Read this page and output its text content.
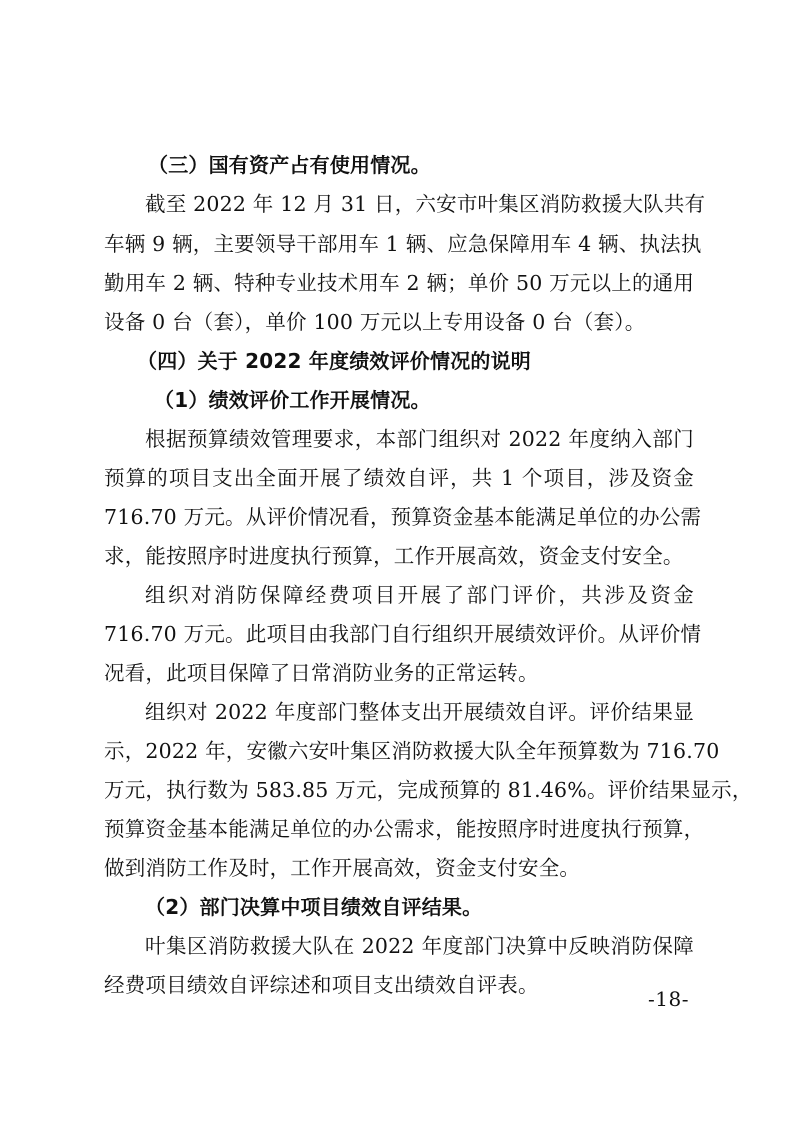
（三）国有资产占有使用情况。
截至 2022 年 12 月 31 日，六安市叶集区消防救援大队共有
车辆 9 辆，主要领导干部用车 1 辆、应急保障用车 4 辆、执法执
勤用车 2 辆、特种专业技术用车 2 辆；单价 50 万元以上的通用
设备 0 台（套），单价 100 万元以上专用设备 0 台（套）。
（四）关于 2022 年度绩效评价情况的说明
（1）绩效评价工作开展情况。
根据预算绩效管理要求，本部门组织对 2022 年度纳入部门
预算的项目支出全面开展了绩效自评，共 1 个项目，涉及资金
716.70 万元。从评价情况看，预算资金基本能满足单位的办公需
求，能按照序时进度执行预算，工作开展高效，资金支付安全。
组织对消防保障经费项目开展了部门评价，共涉及资金
716.70 万元。此项目由我部门自行组织开展绩效评价。从评价情
况看，此项目保障了日常消防业务的正常运转。
组织对 2022 年度部门整体支出开展绩效自评。评价结果显
示，2022 年，安徽六安叶集区消防救援大队全年预算数为 716.70
万元，执行数为 583.85 万元，完成预算的 81.46%。评价结果显示，
预算资金基本能满足单位的办公需求，能按照序时进度执行预算，
做到消防工作及时，工作开展高效，资金支付安全。
（2）部门决算中项目绩效自评结果。
叶集区消防救援大队在 2022 年度部门决算中反映消防保障
经费项目绩效自评综述和项目支出绩效自评表。
-18-
